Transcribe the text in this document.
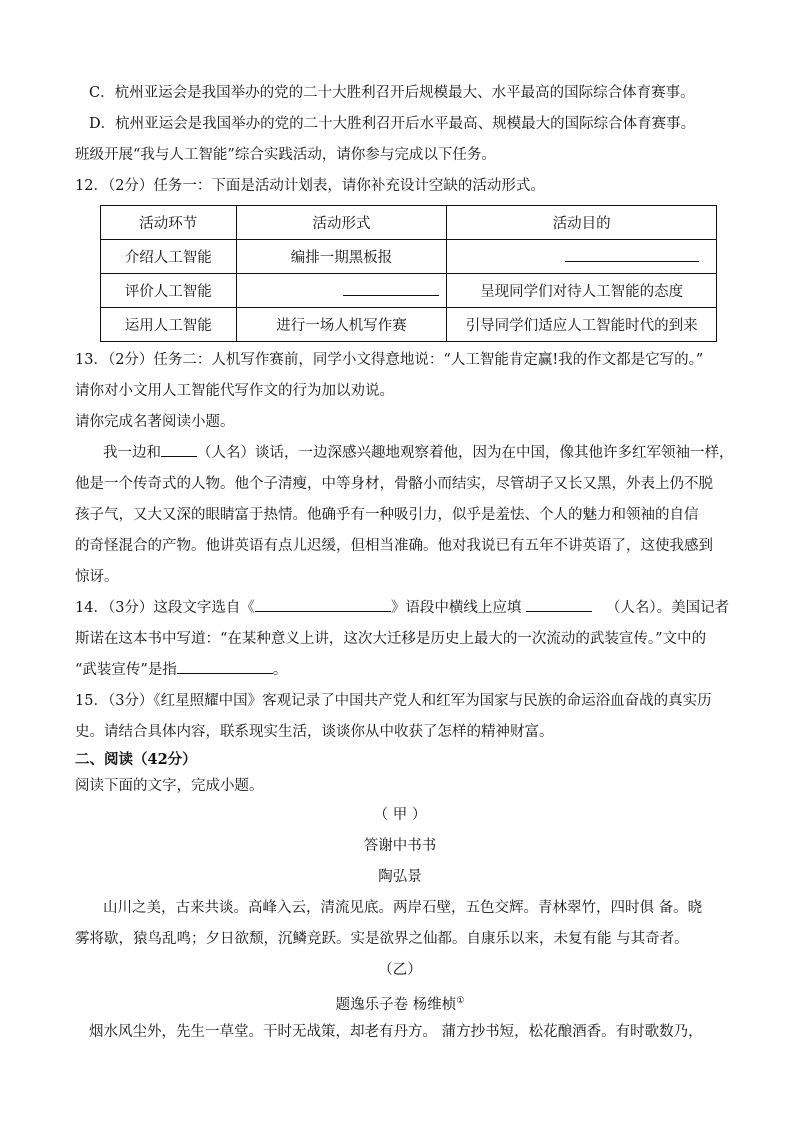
C．杭州亚运会是我国举办的党的二十大胜利召开后规模最大、水平最高的国际综合体育赛事。
D．杭州亚运会是我国举办的党的二十大胜利召开后水平最高、规模最大的国际综合体育赛事。
班级开展“我与人工智能”综合实践活动，请你参与完成以下任务。
12．（2分）任务一：下面是活动计划表，请你补充设计空缺的活动形式。
活动环节	活动形式	活动目的
介绍人工智能	编排一期黑板报	
评价人工智能		呈现同学们对待人工智能的态度
运用人工智能	进行一场人机写作赛	引导同学们适应人工智能时代的到来
13．（2分）任务二：人机写作赛前，同学小文得意地说：“人工智能肯定赢!我的作文都是它写的。”
请你对小文用人工智能代写作文的行为加以劝说。
请你完成名著阅读小题。
我一边和 （人名）谈话，一边深感兴趣地观察着他，因为在中国，像其他许多红军领袖一样，
他是一个传奇式的人物。他个子清瘦，中等身材，骨骼小而结实，尽管胡子又长又黑，外表上仍不脱
孩子气，又大又深的眼睛富于热情。他确乎有一种吸引力，似乎是羞怯、个人的魅力和领袖的自信
的奇怪混合的产物。他讲英语有点儿迟缓，但相当准确。他对我说已有五年不讲英语了，这使我感到
惊讶。
14．（3分）这段文字选自《	》语段中横线上应填	（人名）。美国记者
斯诺在这本书中写道：“在某种意义上讲，这次大迁移是历史上最大的一次流动的武装宣传。”文中的
“武装宣传”是指	。
15．（3分）《红星照耀中国》客观记录了中国共产党人和红军为国家与民族的命运浴血奋战的真实历
史。请结合具体内容，联系现实生活，谈谈你从中收获了怎样的精神财富。
二、阅读（42分）
阅读下面的文字，完成小题。
（ 甲 ）
答谢中书书
陶弘景
山川之美，古来共谈。高峰入云，清流见底。两岸石壁，五色交辉。青林翠竹，四时俱 备。晓
雾将歇，猿鸟乱鸣；夕日欲颓，沉鳞竞跃。实是欲界之仙都。自康乐以来，未复有能 与其奇者。
（乙）
题逸乐子卷 杨维桢①
烟水风尘外，先生一草堂。干时无战策，却老有丹方。 蒲方抄书短，松花酿酒香。有时歌数乃，
